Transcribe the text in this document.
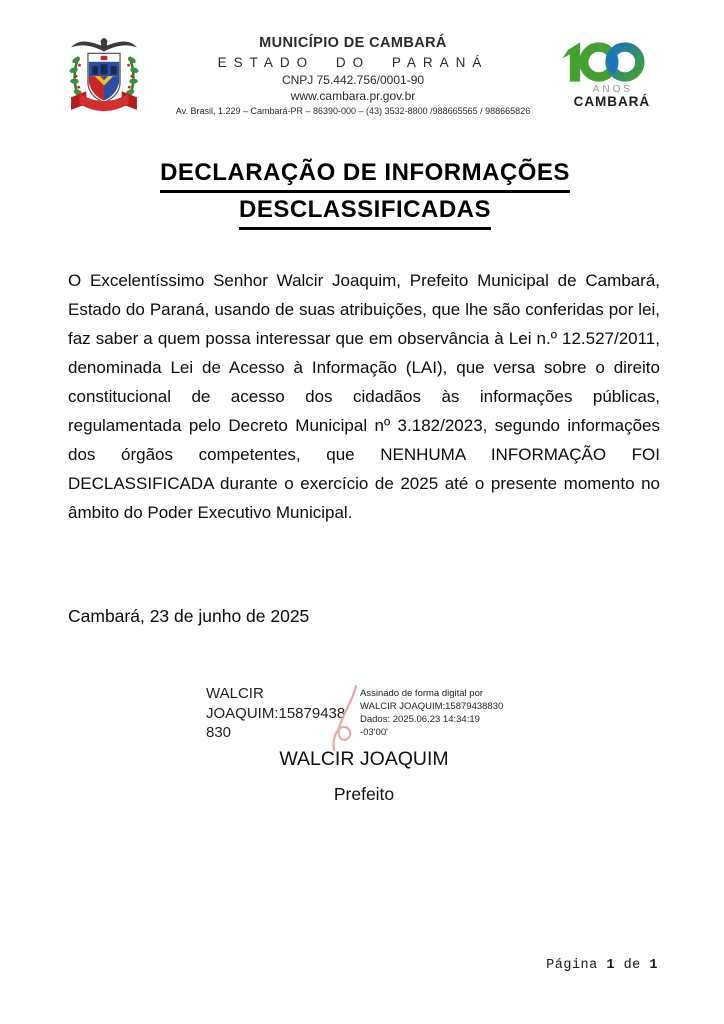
MUNICÍPIO DE CAMBARÁ
ESTADO DO PARANÁ
CNPJ 75.442.756/0001-90
www.cambara.pr.gov.br
Av. Brasil, 1.229 – Cambará-PR – 86390-000 – (43) 3532-8800 /988665565 / 988665826
ANOS
CAMBARÁ
DECLARAÇÃO DE INFORMAÇÕES
DESCLASSIFICADAS

O Excelentíssimo Senhor Walcir Joaquim, Prefeito Municipal de Cambará, Estado do Paraná, usando de suas atribuições, que lhe são conferidas por lei, faz saber a quem possa interessar que em observância à Lei n.º 12.527/2011, denominada Lei de Acesso à Informação (LAI), que versa sobre o direito constitucional de acesso dos cidadãos às informações públicas, regulamentada pelo Decreto Municipal nº 3.182/2023, segundo informações dos órgãos competentes, que NENHUMA INFORMAÇÃO FOI DECLASSIFICADA durante o exercício de 2025 até o presente momento no âmbito do Poder Executivo Municipal.

Cambará, 23 de junho de 2025
WALCIR
JOAQUIM:15879438
830
Assinado de forma digital por
WALCIR JOAQUIM:15879438830
Dados: 2025.06.23 14:34:19
-03'00'
WALCIR JOAQUIM
Prefeito
Página 1 de 1
